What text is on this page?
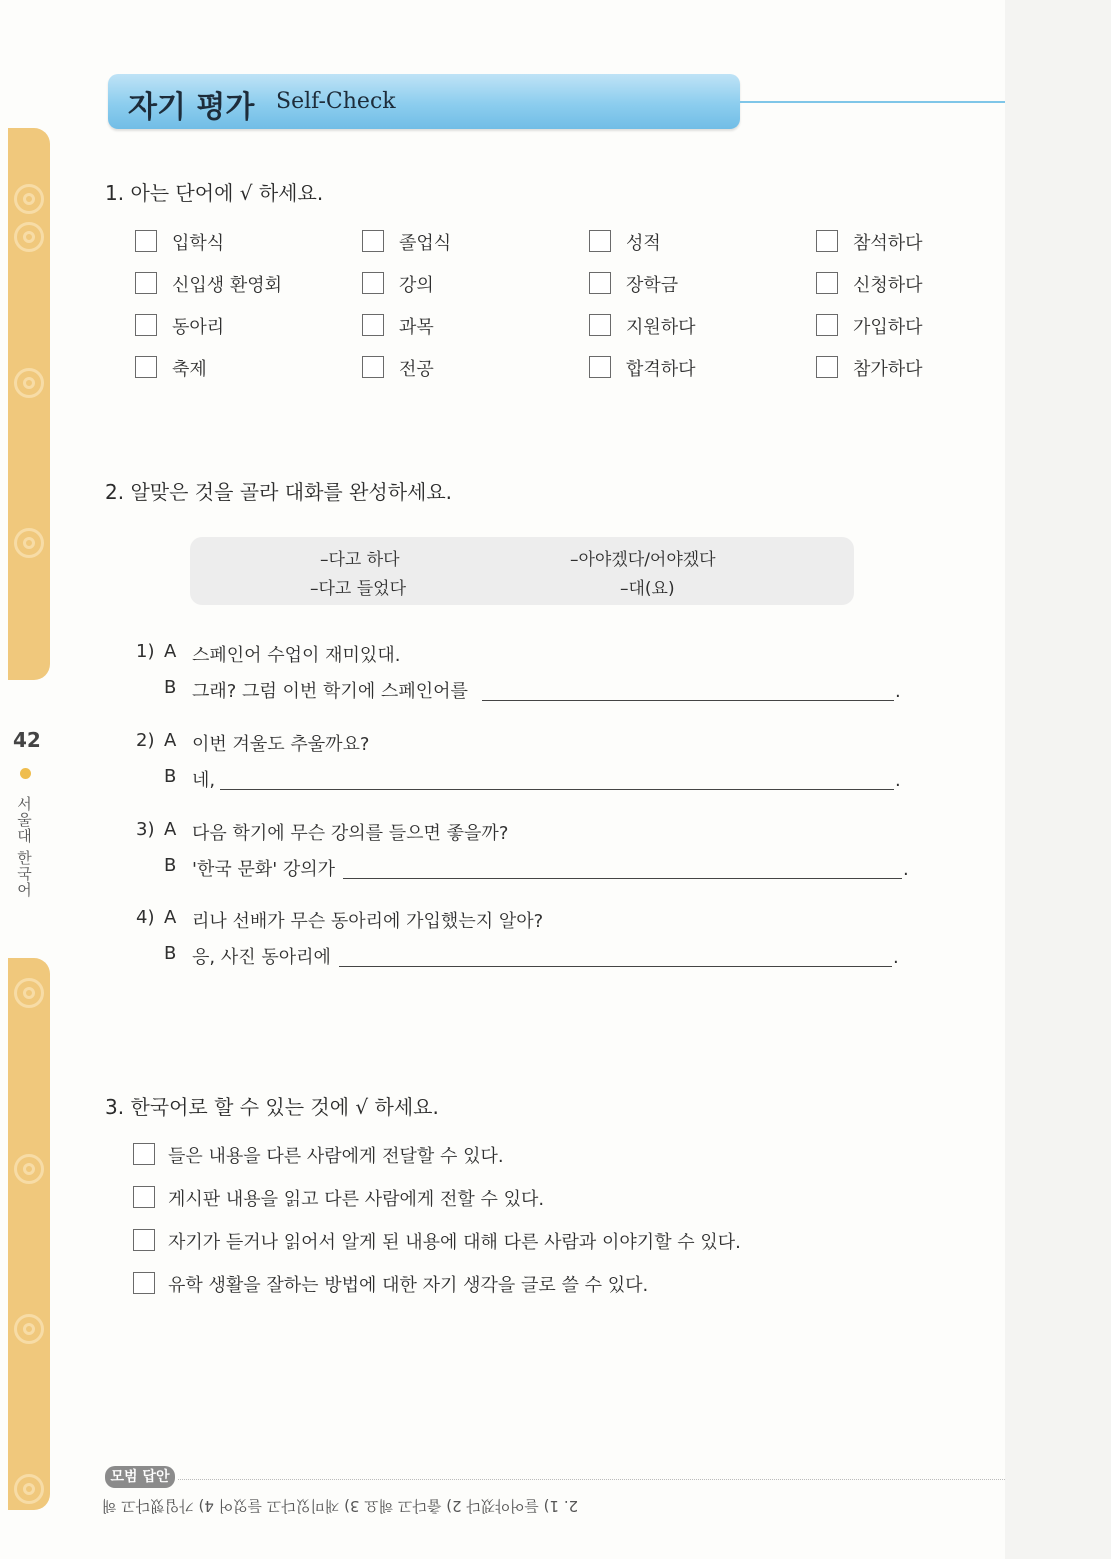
42
서울대 한국어
자기 평가 Self-Check
1. 아는 단어에 √ 하세요.
입학식	졸업식	성적	참석하다
신입생 환영회	강의	장학금	신청하다
동아리	과목	지원하다	가입하다
축제	전공	합격하다	참가하다
2. 알맞은 것을 골라 대화를 완성하세요.
–다고 하다	–아야겠다/어야겠다
–다고 들었다	–대(요)
1) A 스페인어 수업이 재미있대.
B 그래? 그럼 이번 학기에 스페인어를	.
2) A 이번 겨울도 추울까요?
B 네,	.
3) A 다음 학기에 무슨 강의를 들으면 좋을까?
B '한국 문화' 강의가	.
4) A 리나 선배가 무슨 동아리에 가입했는지 알아?
B 응, 사진 동아리에	.
3. 한국어로 할 수 있는 것에 √ 하세요.
들은 내용을 다른 사람에게 전달할 수 있다.
게시판 내용을 읽고 다른 사람에게 전할 수 있다.
자기가 듣거나 읽어서 알게 된 내용에 대해 다른 사람과 이야기할 수 있다.
유학 생활을 잘하는 방법에 대한 자기 생각을 글로 쓸 수 있다.
모범 답안
2. 1) 들어야겠다 2) 춥다고 해요 3) 재미있다고 들었어 4) 가입했다고 해
